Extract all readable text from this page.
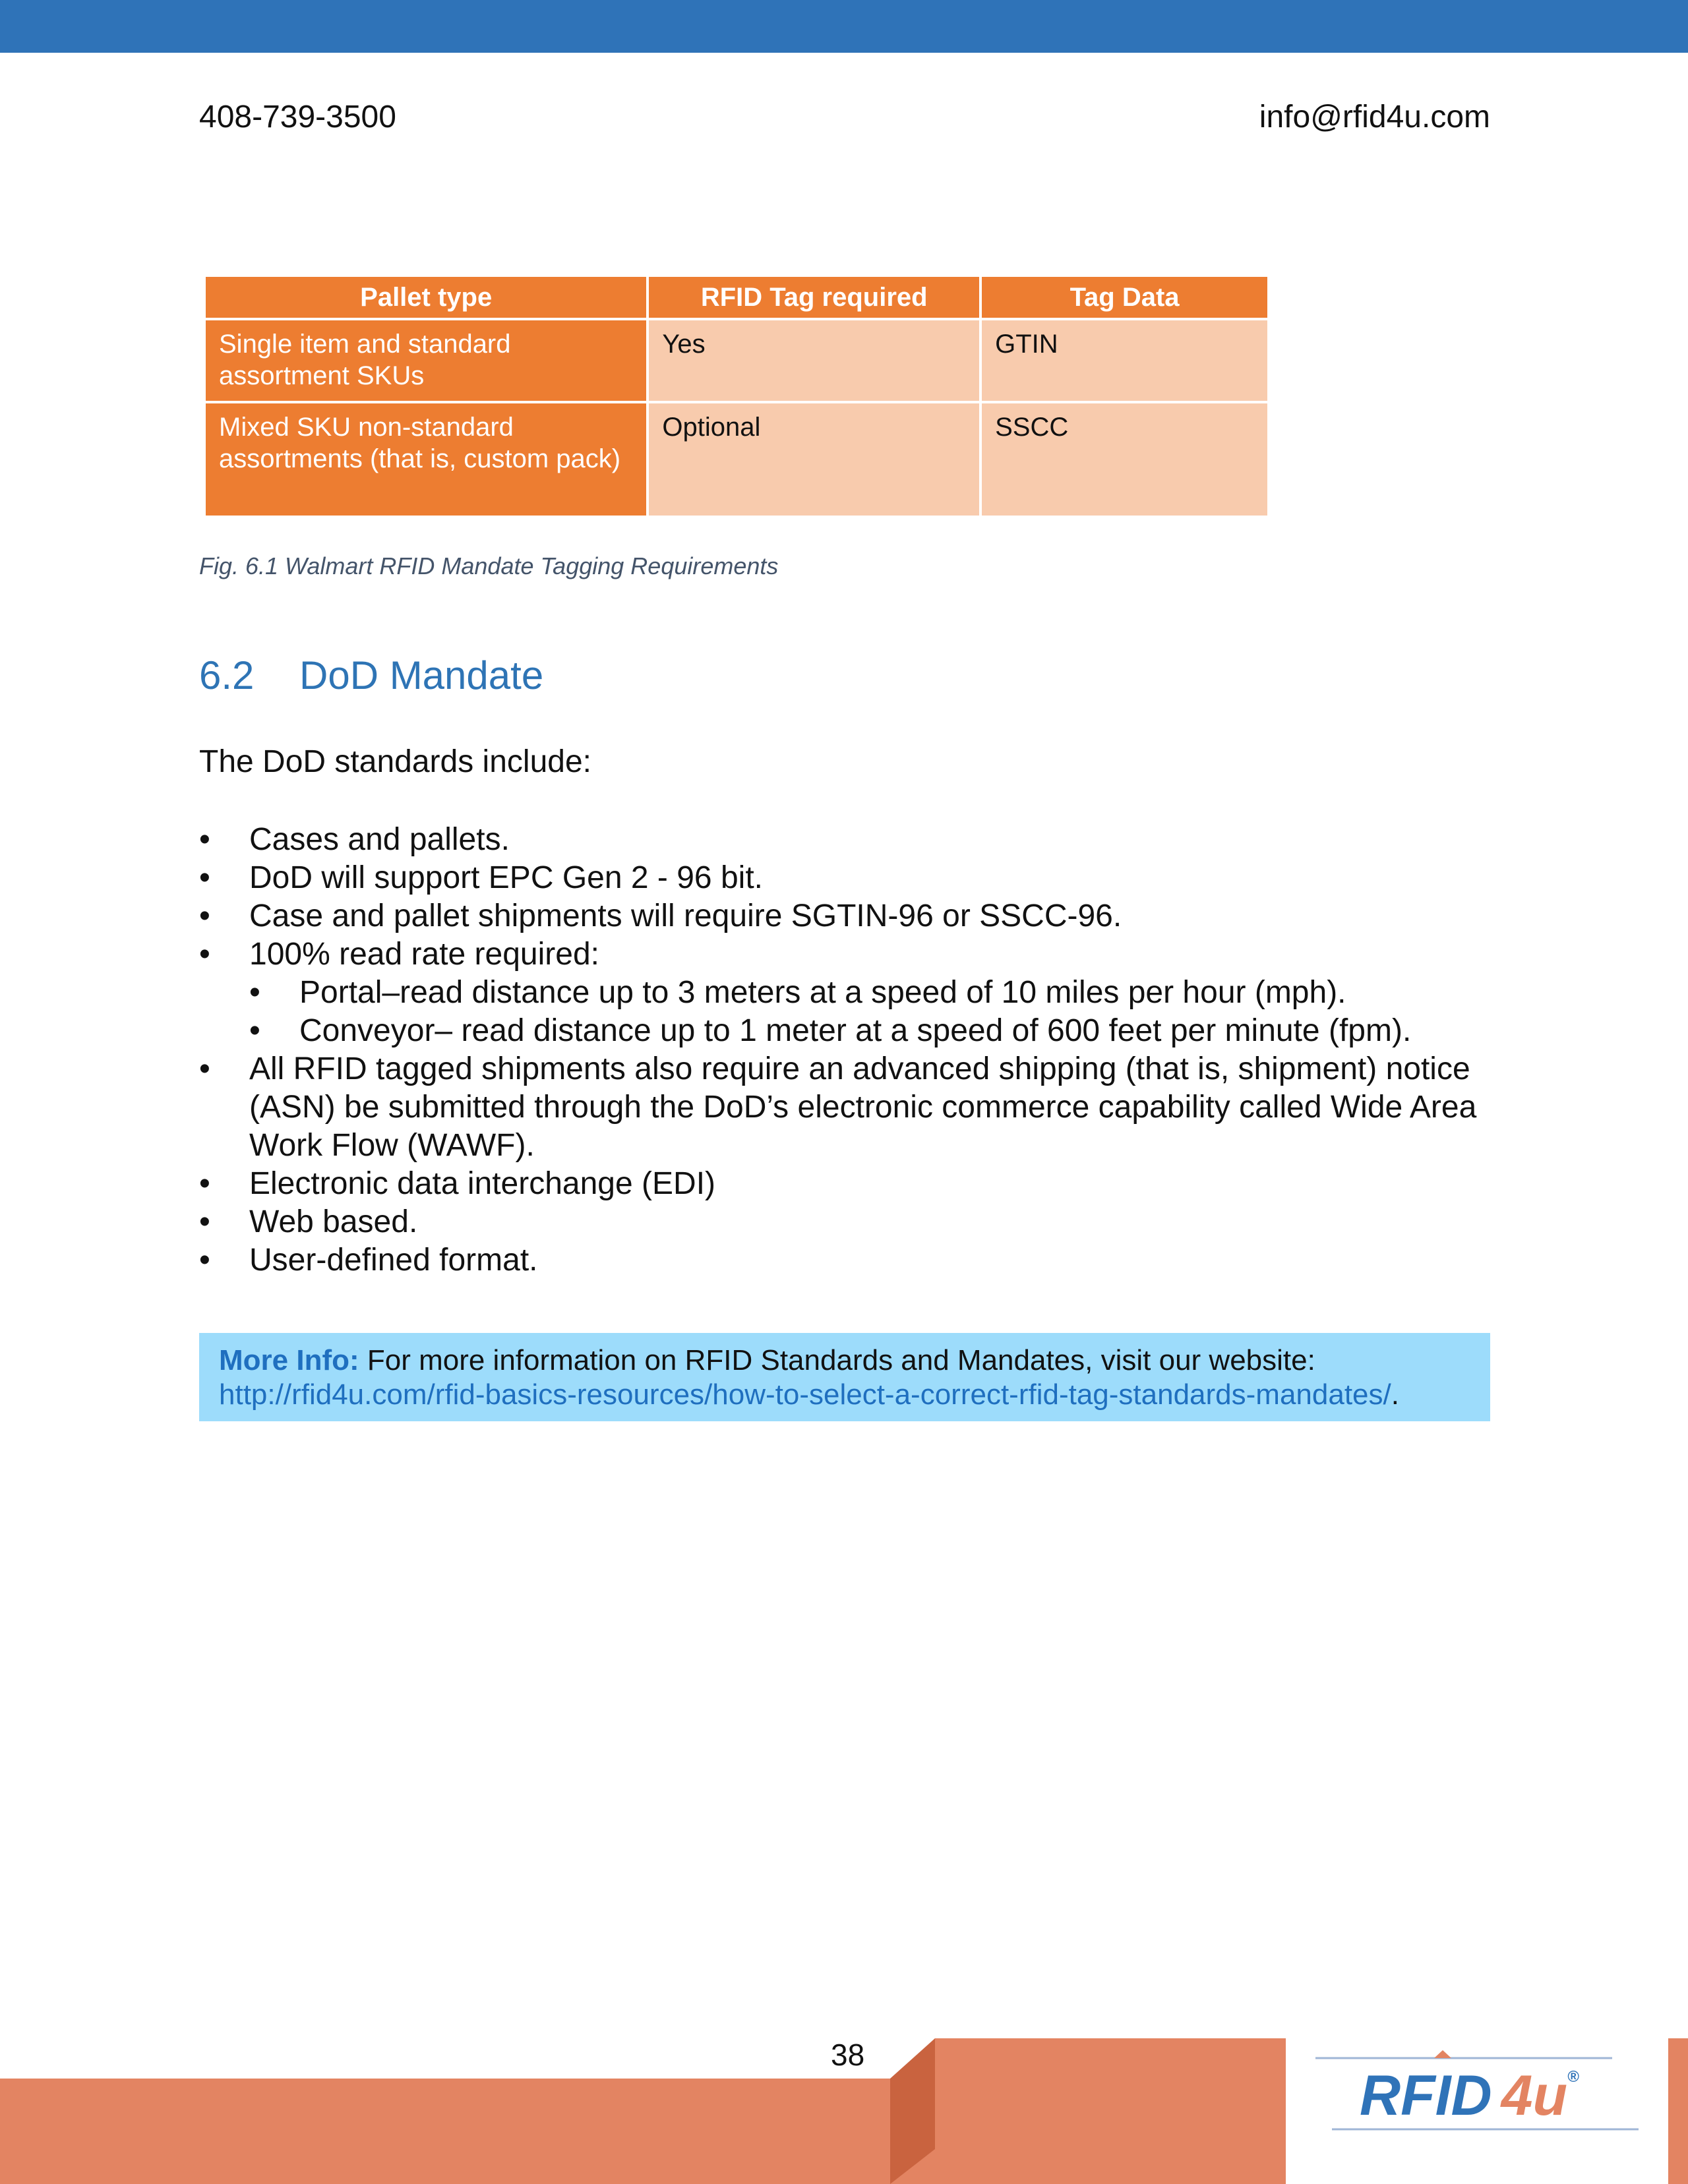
408-739-3500	info@rfid4u.com
Pallet type	RFID Tag required	Tag Data
Single item and standard assortment SKUs	Yes	GTIN
Mixed SKU non-standard assortments (that is, custom pack)	Optional	SSCC
Fig. 6.1 Walmart RFID Mandate Tagging Requirements
6.2 DoD Mandate
The DoD standards include:
•	Cases and pallets.
•	DoD will support EPC Gen 2 - 96 bit.
•	Case and pallet shipments will require SGTIN-96 or SSCC-96.
•	100% read rate required:
•	Portal–read distance up to 3 meters at a speed of 10 miles per hour (mph).
•	Conveyor– read distance up to 1 meter at a speed of 600 feet per minute (fpm).
•	All RFID tagged shipments also require an advanced shipping (that is, shipment) notice (ASN) be submitted through the DoD’s electronic commerce capability called Wide Area Work Flow (WAWF).
•	Electronic data interchange (EDI)
•	Web based.
•	User-defined format.
More Info: For more information on RFID Standards and Mandates, visit our website:
http://rfid4u.com/rfid-basics-resources/how-to-select-a-correct-rfid-tag-standards-mandates/.
38
RFID 4u®
